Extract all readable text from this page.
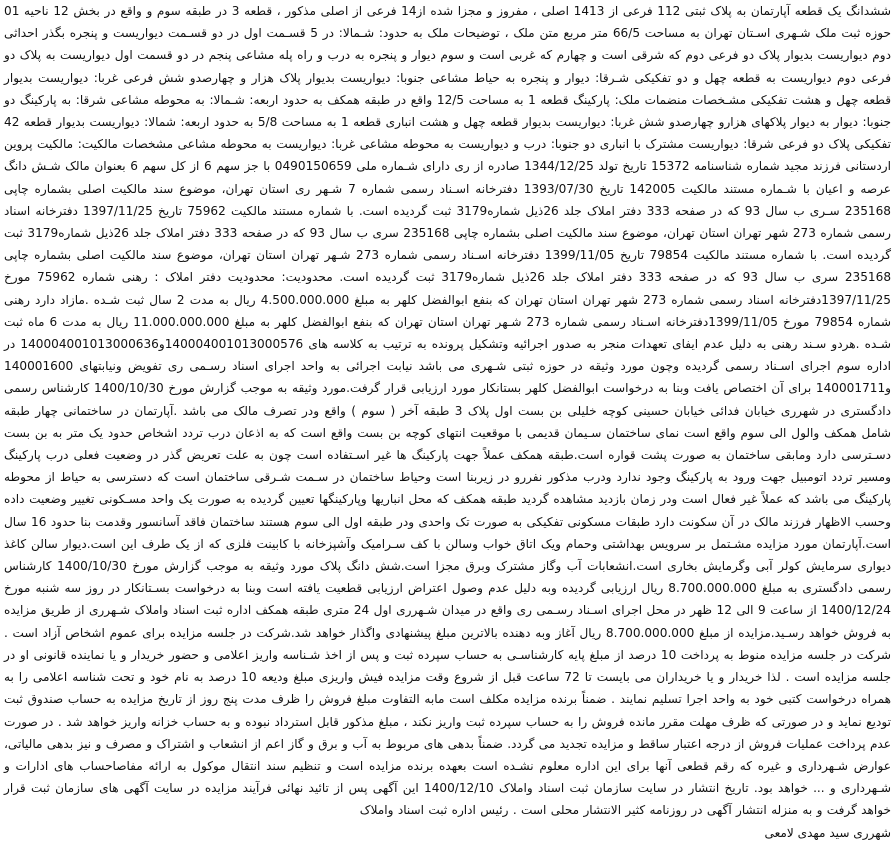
ششدانگ یک قطعه آپارتمان به پلاک ثبتی 112 فرعی از 1413 اصلی ، مفروز و مجزا شده از14 فرعی از اصلی مذکور ، قطعه 3 در طبقه سوم و واقع در بخش 12 ناحیه 01 حوزه ثبت ملک شـهری اسـتان تهران به مساحت 66/5 متر مربع متن ملک ، توضیحات ملک به حدود: شـمالا: در 5 قسـمت اول در دو قسـمت دیواریست و پنجره بگذر احداثی دوم دیواریست بدیوار پلاک دو فرعی دوم که شرقی است و چهارم که غربی است و سوم دیوار و پنجره به درب و راه پله مشاعی پنجم در دو قسمت اول دیواریست به پلاک دو فرعی دوم دیواریست به قطعه چهل و دو تفکیکی شـرقا: دیوار و پنجره به حیاط مشاعی جنوبا: دیواریست بدیوار پلاک هزار و چهارصدو شش فرعی غربا: دیواریست بدیوار قطعه چهل و هشت تفکیکی مشـخصات منضمات ملک: پارکینگ قطعه 1 به مساحت 12/5 واقع در طبقه همکف به حدود اربعه: شـمالا: به محوطه مشاعی شرقا: به پارکینگ دو جنوبا: دیوار به دیوار پلاکهای هزارو چهارصدو شش غربا: دیواریست بدیوار قطعه چهل و هشت انباری قطعه 1 به مساحت 5/8 به حدود اربعه: شمالا: دیواریست بدیوار قطعه 42 تفکیکی پلاک دو فرعی شرقا: دیواریست مشترک با انباری دو جنوبا: درب و دیواریست به محوطه مشاعی غربا: دیواریست به محوطه مشاعی مشخصات مالکیت: مالکیت پروین اردستانی فرزند مجید شماره شناسنامه 15372 تاریخ تولد 1344/12/25 صادره از ری دارای شـماره ملی 0490150659 با جز سهم 6 از کل سهم 6 بعنوان مالک شـش دانگ عرصه و اعیان با شـماره مستند مالکیت 142005 تاریخ 1393/07/30 دفترخانه اسـناد رسمی شماره 7 شـهر ری استان تهران، موضوع سند مالکیت اصلی بشماره چاپی 235168 سـری ب سال 93 که در صفحه 333 دفتر املاک جلد 26ذیل شماره3179 ثبت گردیده است. با شماره مستند مالکیت 75962 تاریخ 1397/11/25 دفترخانه اسناد رسمی شماره 273 شهر تهران استان تهران، موضوع سند مالکیت اصلی بشماره چاپی 235168 سری ب سال 93 که در صفحه 333 دفتر املاک جلد 26ذیل شماره3179 ثبت گردیده است. با شماره مستند مالکیت 79854 تاریخ 1399/11/05 دفترخانه اسـناد رسمی شماره 273 شـهر تهران استان تهران، موضوع سند مالکیت اصلی بشماره چاپی 235168 سری ب سال 93 که در صفحه 333 دفتر املاک جلد 26ذیل شماره3179 ثبت گردیده است. محدودیت: محدودیت دفتر املاک : رهنی شماره 75962 مورخ 1397/11/25دفترخانه اسناد رسمی شماره 273 شهر تهران استان تهران که بنفع ابوالفضل کلهر به مبلغ 4.500.000.000 ریال به مدت 2 سال ثبت شـده .مازاد دارد رهنی شماره 79854 مورخ 1399/11/05دفترخانه اسـناد رسمی شماره 273 شـهر تهران استان تهران که بنفع ابوالفضل کلهر به مبلغ 11.000.000.000 ریال به مدت 6 ماه ثبت شـده .هردو سـند رهنی به دلیل عدم ایفای تعهدات منجر به صدور اجرائیه وتشکیل پرونده به ترتیب به کلاسه های 140004001013000576و140004001013000636 در اداره سوم اجرای اسـناد رسمی گردیده وچون مورد وثیقه در حوزه ثبتی شـهری می باشد نیابت اجرائی به واحد اجرای اسناد رسـمی ری تفویض ونیابتهای 140001600 و140001711 برای آن اختصاص یافت وبنا به درخواست ابوالفضل کلهر بستانکار مورد ارزیابی قرار گرفت.مورد وثیقه به موجب گزارش مورخ 1400/10/30 کارشناس رسمی دادگستری در شهرری خیابان فدائی خیابان حسینی کوچه خلیلی بن بست اول پلاک 3 طبقه آخر ( سوم ) واقع ودر تصرف مالک می باشد .آپارتمان در ساختمانی چهار طبقه شامل همکف والول الی سوم واقع است نمای ساختمان سـیمان قدیمی با موقعیت انتهای کوچه بن بست واقع است که به اذعان درب تردد اشخاص حدود یک متر به بن بست دسـترسی دارد ومابقی ساختمان به صورت پشت قواره است.طبقه همکف عملاً جهت پارکینگ ها غیر اسـتفاده است چون به علت تعریض گذر در وضعیت فعلی درب پارکینگ ومسیر تردد اتومبیل جهت ورود به پارکینگ وجود ندارد ودرب مذکور نفررو در زیربنا است وحیاط ساختمان در سـمت شـرقی ساختمان است که دسترسی به حیاط از محوطه پارکینگ می باشد که عملاً غیر فعال است ودر زمان بازدید مشاهده گردید طبقه همکف که محل انباریها وپارکینگها تعیین گردیده به صورت یک واحد مسـکونی تغییر وضعیت داده وحسب الاظهار فرزند مالک در آن سکونت دارد طبقات مسکونی تفکیکی به صورت تک واحدی ودر طبقه اول الی سوم هستند ساختمان فاقد آسانسور وقدمت بنا حدود 16 سال است.آپارتمان مورد مزایده مشـتمل بر سرویس بهداشتی وحمام ویک اتاق خواب وسالن با کف سـرامیک وآشپزخانه با کابینت فلزی که از یک طرف این است.دیوار سالن کاغذ دیواری سرمایش کولر آبی وگرمایش بخاری است.انشعابات آب وگاز مشترک وبرق مجزا است.شش دانگ پلاک مورد وثیقه به موجب گزارش مورخ 1400/10/30 کارشناس رسمی دادگستری به مبلغ 8.700.000.000 ریال ارزیابی گردیده وبه دلیل عدم وصول اعتراض ارزیابی قطعیت یافته است وبنا به درخواست بسـتانکار در روز سه شنبه مورخ 1400/12/24 از ساعت 9 الی 12 ظهر در محل اجرای اسـناد رسـمی ری واقع در میدان شـهرری اول 24 متری طبقه همکف اداره ثبت اسناد واملاک شـهرری از طریق مزایده به فروش خواهد رسـید.مزایده از مبلغ 8.700.000.000 ریال آغاز وبه دهنده بالاترین مبلغ پیشنهادی واگذار خواهد شد.شرکت در جلسه مزایده برای عموم اشخاص آزاد است . شرکت در جلسه مزایده منوط به پرداخت 10 درصد از مبلغ پایه کارشناسـی به حساب سپرده ثبت و پس از اخذ شـناسه واریز اعلامی و حضور خریدار و یا نماینده قانونی او در جلسه مزایده است . لذا خریدار و یا خریداران می بایست تا 72 ساعت قبل از شروع وقت مزایده فیش واریزی مبلغ ودیعه 10 درصد به نام خود و تحت شناسه اعلامی را به همراه درخواست کتبی خود به واحد اجرا تسلیم نمایند . ضمناً برنده مزایده مکلف است مابه التفاوت مبلغ فروش را ظرف مدت پنج روز از تاریخ مزایده به حساب صندوق ثبت تودیع نماید و در صورتی که ظرف مهلت مقرر مانده فروش را به حساب سپرده ثبت واریز نکند ، مبلغ مذکور قابل استرداد نبوده و به حساب خزانه واریز خواهد شد . در صورت عدم پرداخت عملیات فروش از درجه اعتبار ساقط و مزایده تجدید می گردد. ضمناً بدهی های مربوط به آب و برق و گاز اعم از انشعاب و اشتراک و مصرف و نیز بدهی مالیاتی، عوارض شـهرداری و غیره که رقم قطعی آنها برای این اداره معلوم نشـده است بعهده برنده مزایده است و تنظیم سند انتقال موکول به ارائه مفاصاحساب های ادارات و شـهرداری و ... خواهد بود. تاریخ انتشار در سایت سازمان ثبت اسناد واملاک 1400/12/10 این آگهی پس از تائید نهائی فرآیند مزایده در سایت آگهی های سازمان ثبت قرار خواهد گرفت و به منزله انتشار آگهی در روزنامه کثیر الانتشار محلی است . رئیس اداره ثبت اسناد واملاک

شهرری سید مهدی لامعی
